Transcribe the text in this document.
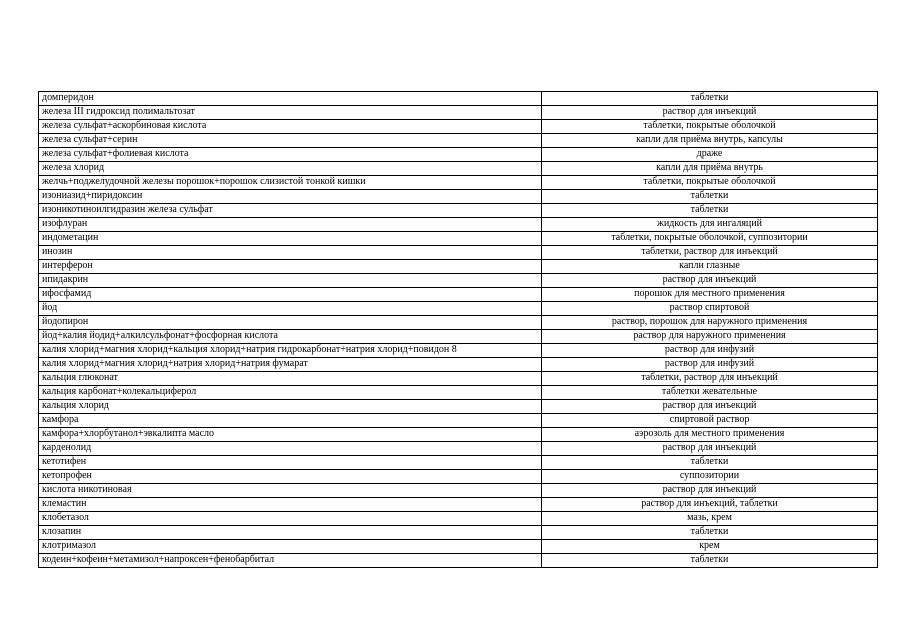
домперидон	таблетки
железа III гидроксид полимальтозат	раствор для инъекций
железа сульфат+аскорбиновая кислота	таблетки, покрытые оболочкой
железа сульфат+серин	капли для приёма внутрь, капсулы
железа сульфат+фолиевая кислота	драже
железа хлорид	капли для приёма внутрь
желчь+поджелудочной железы порошок+порошок слизистой тонкой кишки	таблетки, покрытые оболочкой
изониазид+пиридоксин	таблетки
изоникотиноилгидразин железа сульфат	таблетки
изофлуран	жидкость для ингаляций
индометацин	таблетки, покрытые оболочкой, суппозитории
инозин	таблетки, раствор для инъекций
интерферон	капли глазные
ипидакрин	раствор для инъекций
ифосфамид	порошок для местного применения
йод	раствор спиртовой
йодопирон	раствор, порошок для наружного применения
йод+калия йодид+алкилсульфонат+фосфорная кислота	раствор для наружного применения
калия хлорид+магния хлорид+кальция хлорид+натрия гидрокарбонат+натрия хлорид+повидон 8	раствор для инфузий
калия хлорид+магния хлорид+натрия хлорид+натрия фумарат	раствор для инфузий
кальция глюконат	таблетки, раствор для инъекций
кальция карбонат+колекальциферол	таблетки жевательные
кальция хлорид	раствор для инъекций
камфора	спиртовой раствор
камфора+хлорбутанол+эвкалипта масло	аэрозоль для местного применения
карденолид	раствор для инъекций
кетотифен	таблетки
кетопрофен	суппозитории
кислота никотиновая	раствор для инъекций
клемастин	раствор для инъекций, таблетки
клобетазол	мазь, крем
клозапин	таблетки
клотримазол	крем
кодеин+кофеин+метамизол+напроксен+фенобарбитал	таблетки
